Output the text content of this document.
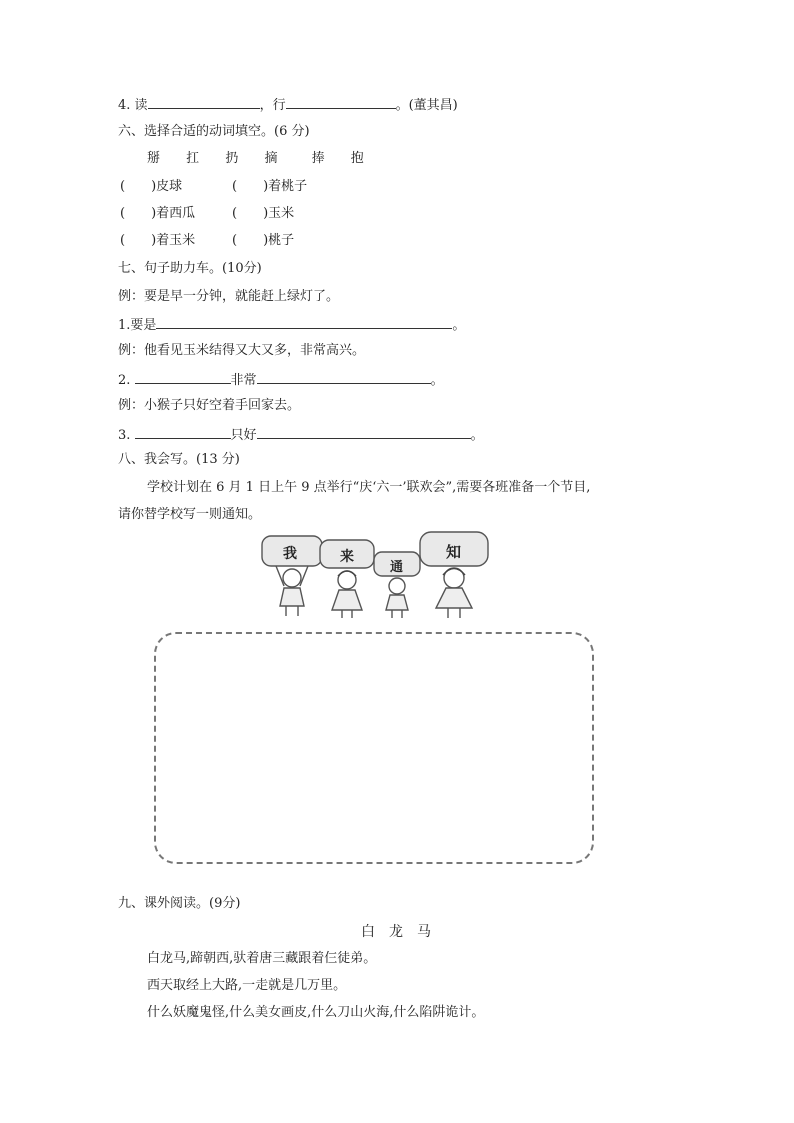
4. 读	，行	。(董其昌)
六、选择合适的动词填空。(6 分)
掰 扛 扔 摘	捧 抱
(　　)皮球	(　　)着桃子
(　　)着西瓜	(　　)玉米
(　　)着玉米	(　　)桃子
七、句子助力车。(10分)
例：要是早一分钟，就能赶上绿灯了。
1.要是	。
例：他看见玉米结得又大又多，非常高兴。
2.	非常	。
例：小猴子只好空着手回家去。
3.	只好	。
八、我会写。(13 分)
学校计划在 6 月 1 日上午 9 点举行“庆‘六一’联欢会”,需要各班准备一个节目,
请你替学校写一则通知。
我	来
通
知
九、课外阅读。(9分)
白　龙　马
白龙马,蹄朝西,驮着唐三藏跟着仨徒弟。
西天取经上大路,一走就是几万里。
什么妖魔鬼怪,什么美女画皮,什么刀山火海,什么陷阱诡计。
